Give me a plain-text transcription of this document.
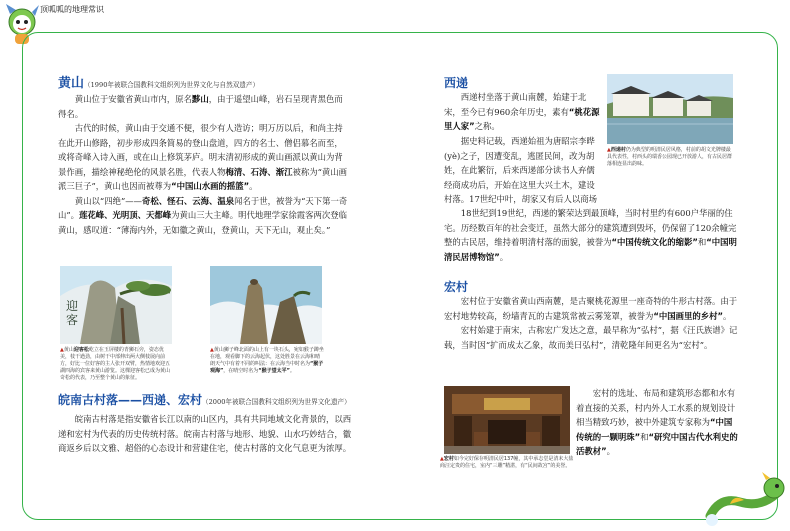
顶呱呱的地理常识

黄山（1990年被联合国教科文组织列为世界文化与自然双遗产）

黄山位于安徽省黄山市内，原名黟山，由于遥望山峰，岩石呈现青黑色而得名。

古代的时候，黄山由于交通不便，很少有人造访；明万历以后，和尚主持在此开山修路，初步形成四条简易的登山盘道，四方的名士、僧侣慕名而至，或将奇峰入诗入画，或在山上修筑茅庐。明末清初形成的黄山画派以黄山为背景作画，描绘神秘绝伦的风景名胜，代表人物梅清、石涛、渐江被称为“黄山画派三巨子”，黄山也因而被尊为“中国山水画的摇篮”。

黄山以“四绝”——奇松、怪石、云海、温泉闻名于世，被誉为“天下第一奇山”。莲花峰、光明顶、天都峰为黄山三大主峰。明代地理学家徐霞客两次登临黄山，感叹道：“薄海内外，无如徽之黄山，登黄山，天下无山，观止矣。”

迎
客
▲黄山迎客松屹立在玉屏楼的青狮石旁，姿态优美，枝干遒劲，由树干中部伸出两大侧枝展向前方，好比一位好客的主人张开双臂，热情地欢迎五湖四海的宾客来黄山游览。这棵迎客松已成为黄山奇松的代表，乃至整个黄山的象征。
▲黄山狮子峰北面的山上有一块石头，宛如猴子蹲坐在地，观看脚下的云海起伏，这处胜景在云海和晴朗天气中有着不同的叫法：在云海当中时名为“猴子观海”，在晴空时名为“猴子望太平”。

皖南古村落——西递、宏村（2000年被联合国教科文组织列为世界文化遗产）

皖南古村落是指安徽省长江以南的山区内，具有共同地域文化背景的，以西递和宏村为代表的历史传统村落。皖南古村落与地形、地貌、山水巧妙结合，徽商返乡后以文雅、超俗的心态设计和营建住宅，使古村落的文化气息更为浓厚。

西递

西递村坐落于黄山南麓，始建于北宋，至今已有960余年历史，素有“桃花源里人家”之称。

据史料记载，西递始祖为唐昭宗李晔(yè)之子，因遭变乱，逃匿民间，改为胡姓，在此繁衍，后来西递部分读书人弃儒经商成功后，开始在这里大兴土木，建设村落。17世纪中叶，胡家又有后人以商场

▲西递村仍为典型的明清民居风格，村前的胡文光牌楼最具代表性，村西头的瑞香公园现已开放游人，有古民居群落相连显出韵味。

18世纪到19世纪，西递的繁荣达到最顶峰，当时村里约有600户华丽的住宅。历经数百年的社会变迁，虽然大部分的建筑遭到毁坏，仍保留了120余幢完整的古民居，维持着明清村落的面貌，被誉为“中国传统文化的缩影”和“中国明清民居博物馆”。

宏村

宏村位于安徽省黄山西南麓，是古聚桃花源里一座奇特的牛形古村落。由于宏村地势较高，纷墙青瓦的古建筑常被云雾笼罩，被誉为“中国画里的乡村”。

宏村始建于南宋，古称宏广发达之意，最早称为“弘村”，据《汪氏族谱》记载，当时因“扩而成太乙象，故而美曰弘村”，清乾隆年间更名为“宏村”。

▲宏村如今完好保存明清民居137幢，其中承志堂是清末大盐商汪定贵的住宅，室内“三雕”精湛，有“民间故宫”的美誉。

宏村的选址、布局和建筑形态都和水有着直接的关系，村内外人工水系的规划设计相当精致巧妙，被中外建筑专家称为“中国传统的一颗明珠”和“研究中国古代水利史的活教材”。
